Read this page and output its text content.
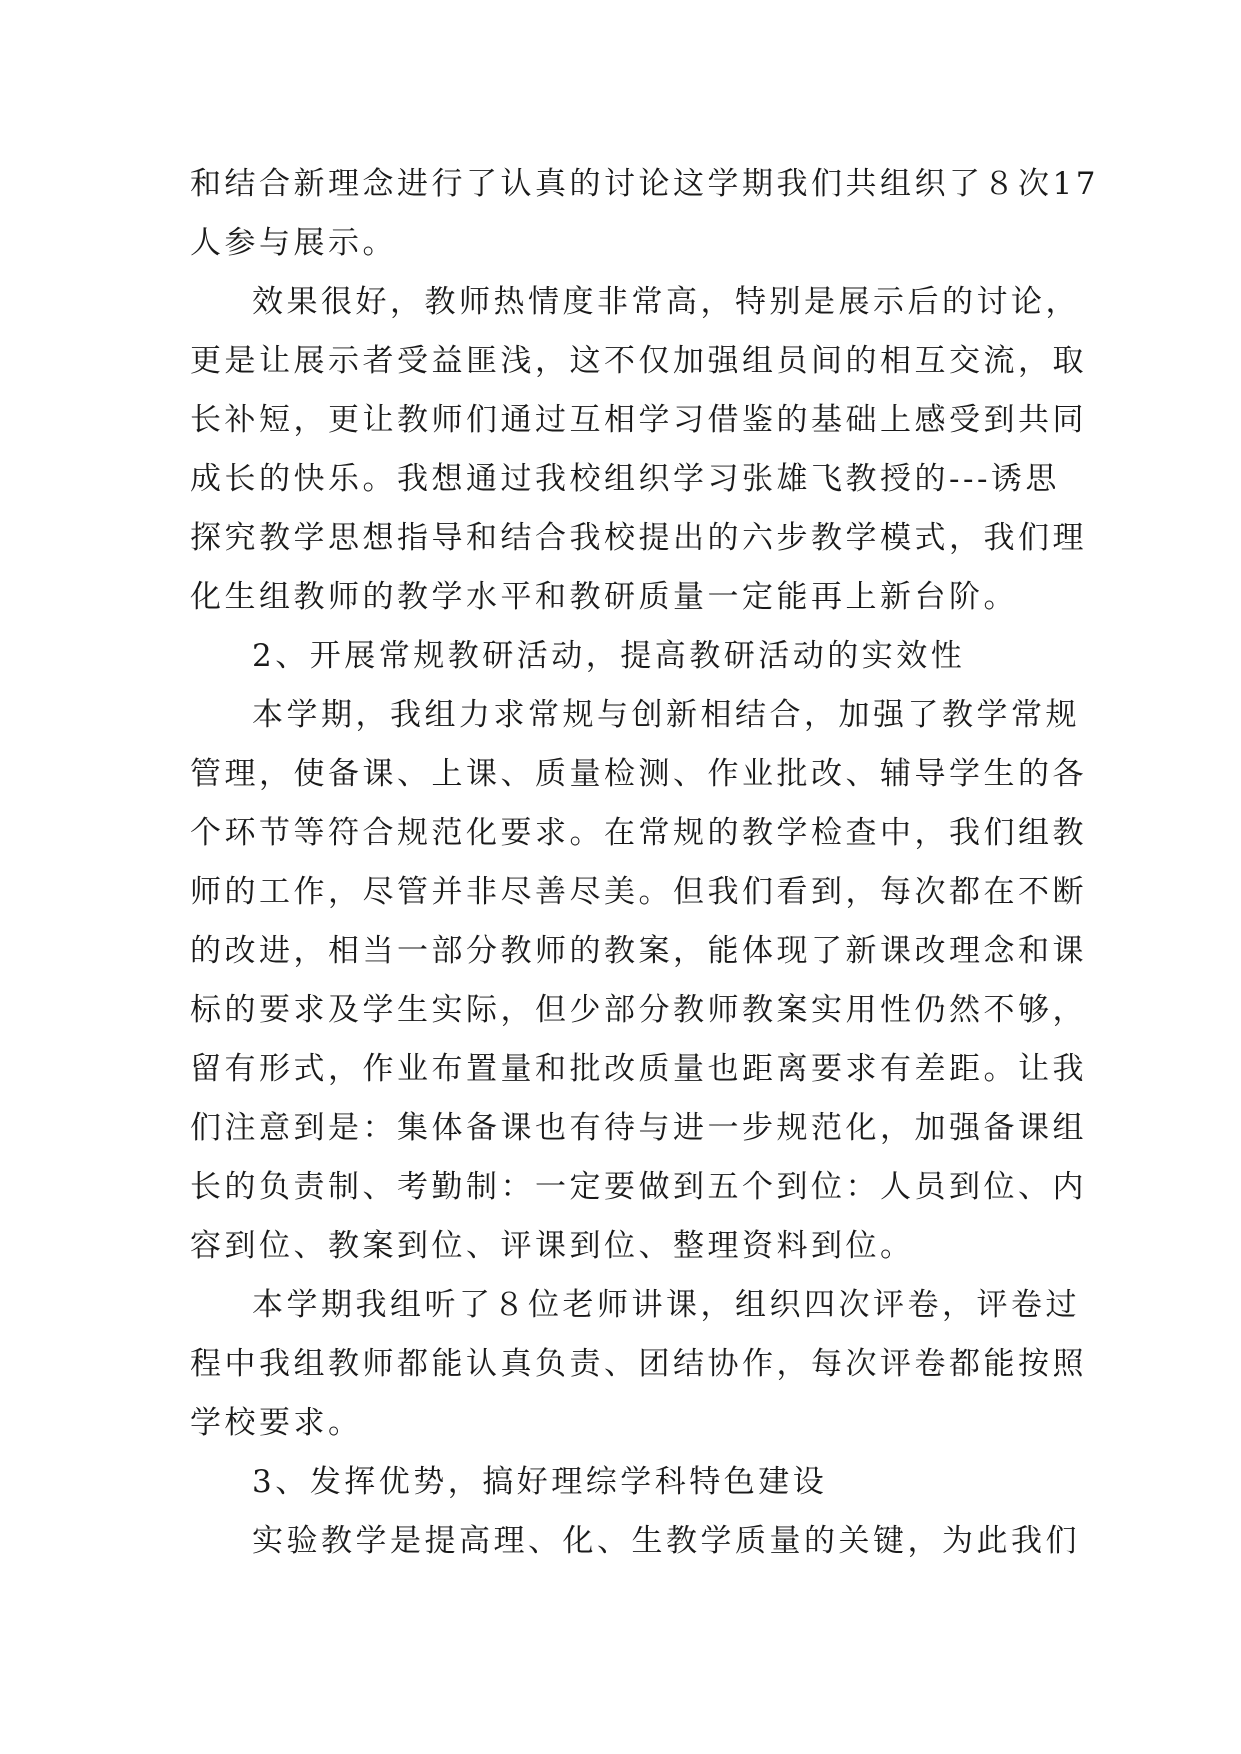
和结合新理念进行了认真的讨论这学期我们共组织了８次17
人参与展示。
效果很好，教师热情度非常高，特别是展示后的讨论，
更是让展示者受益匪浅，这不仅加强组员间的相互交流，取
长补短，更让教师们通过互相学习借鉴的基础上感受到共同
成长的快乐。我想通过我校组织学习张雄飞教授的---诱思
探究教学思想指导和结合我校提出的六步教学模式，我们理
化生组教师的教学水平和教研质量一定能再上新台阶。
2、开展常规教研活动，提高教研活动的实效性
本学期，我组力求常规与创新相结合，加强了教学常规
管理，使备课、上课、质量检测、作业批改、辅导学生的各
个环节等符合规范化要求。在常规的教学检查中，我们组教
师的工作，尽管并非尽善尽美。但我们看到，每次都在不断
的改进，相当一部分教师的教案，能体现了新课改理念和课
标的要求及学生实际，但少部分教师教案实用性仍然不够，
留有形式，作业布置量和批改质量也距离要求有差距。让我
们注意到是：集体备课也有待与进一步规范化，加强备课组
长的负责制、考勤制：一定要做到五个到位：人员到位、内
容到位、教案到位、评课到位、整理资料到位。
本学期我组听了８位老师讲课，组织四次评卷，评卷过
程中我组教师都能认真负责、团结协作，每次评卷都能按照
学校要求。
3、发挥优势，搞好理综学科特色建设
实验教学是提高理、化、生教学质量的关键，为此我们
